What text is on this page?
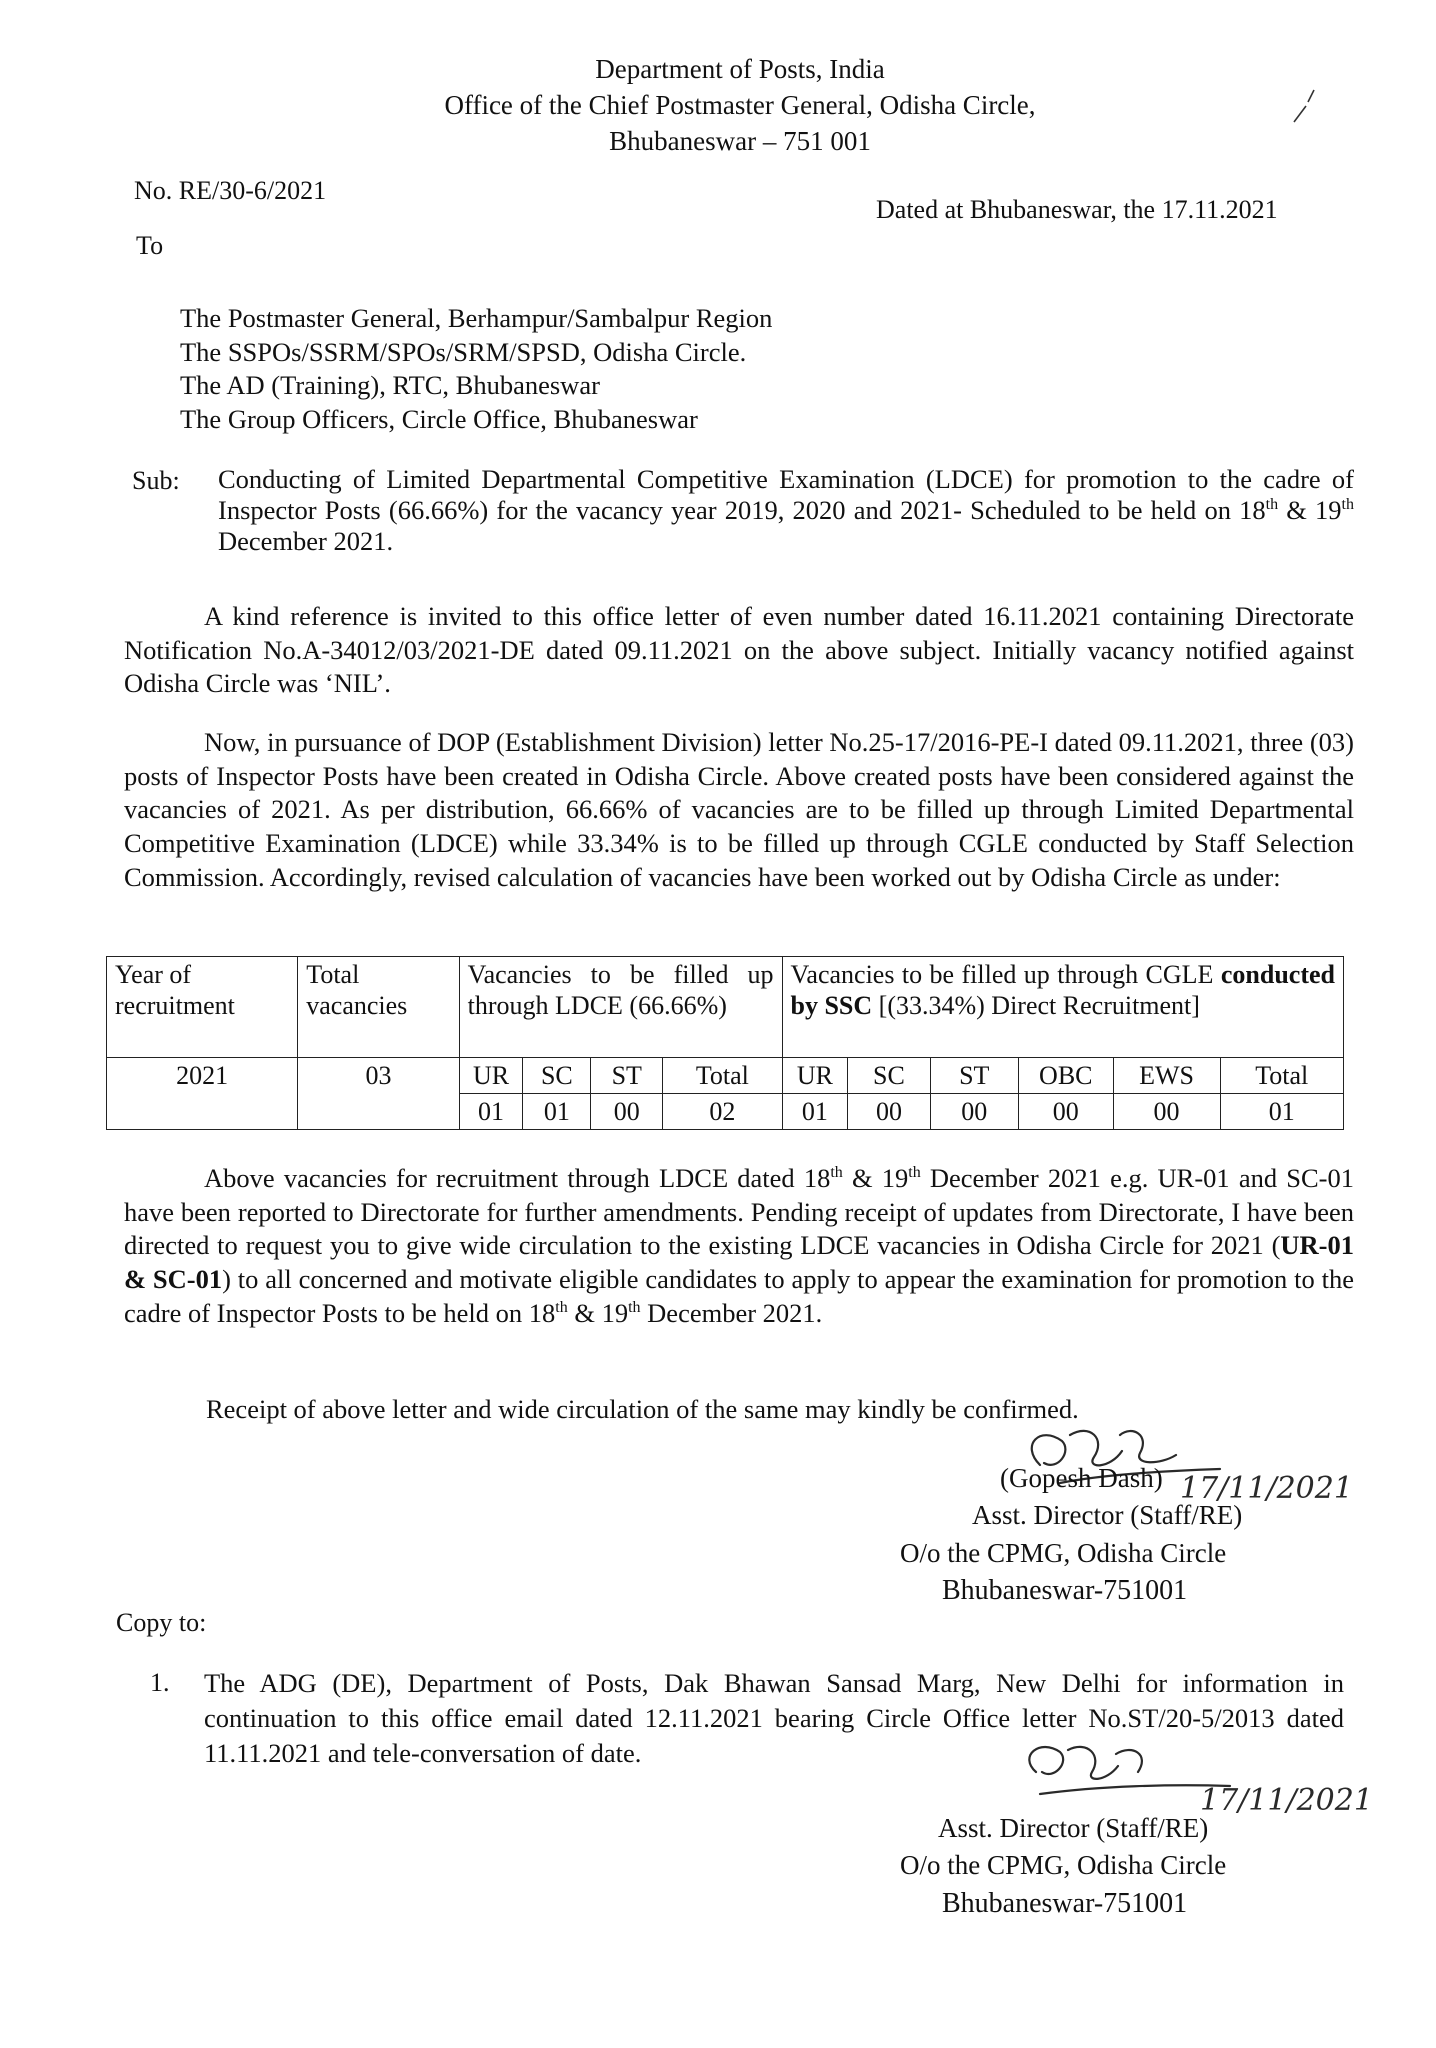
Department of Posts, India
Office of the Chief Postmaster General, Odisha Circle,
Bhubaneswar – 751 001
No. RE/30-6/2021
Dated at Bhubaneswar, the 17.11.2021
To
The Postmaster General, Berhampur/Sambalpur Region
The SSPOs/SSRM/SPOs/SRM/SPSD, Odisha Circle.
The AD (Training), RTC, Bhubaneswar
The Group Officers, Circle Office, Bhubaneswar
Sub: Conducting of Limited Departmental Competitive Examination (LDCE) for promotion to the cadre of Inspector Posts (66.66%) for the vacancy year 2019, 2020 and 2021- Scheduled to be held on 18th & 19th December 2021.
A kind reference is invited to this office letter of even number dated 16.11.2021 containing Directorate Notification No.A-34012/03/2021-DE dated 09.11.2021 on the above subject. Initially vacancy notified against Odisha Circle was ‘NIL’.
Now, in pursuance of DOP (Establishment Division) letter No.25-17/2016-PE-I dated 09.11.2021, three (03) posts of Inspector Posts have been created in Odisha Circle. Above created posts have been considered against the vacancies of 2021. As per distribution, 66.66% of vacancies are to be filled up through Limited Departmental Competitive Examination (LDCE) while 33.34% is to be filled up through CGLE conducted by Staff Selection Commission. Accordingly, revised calculation of vacancies have been worked out by Odisha Circle as under:
Year of recruitment	Total vacancies	Vacancies to be filled up through LDCE (66.66%)				Vacancies to be filled up through CGLE conducted by SSC [(33.34%) Direct Recruitment]					
2021	03	UR	SC	ST	Total	UR	SC	ST	OBC	EWS	Total
		01	01	00	02	01	00	00	00	00	01
Above vacancies for recruitment through LDCE dated 18th & 19th December 2021 e.g. UR-01 and SC-01 have been reported to Directorate for further amendments. Pending receipt of updates from Directorate, I have been directed to request you to give wide circulation to the existing LDCE vacancies in Odisha Circle for 2021 (UR-01 & SC-01) to all concerned and motivate eligible candidates to apply to appear the examination for promotion to the cadre of Inspector Posts to be held on 18th & 19th December 2021.
Receipt of above letter and wide circulation of the same may kindly be confirmed.
17/11/2021
(Gopesh Dash)
Asst. Director (Staff/RE)
O/o the CPMG, Odisha Circle
Bhubaneswar-751001
Copy to:
1. The ADG (DE), Department of Posts, Dak Bhawan Sansad Marg, New Delhi for information in continuation to this office email dated 12.11.2021 bearing Circle Office letter No.ST/20-5/2013 dated 11.11.2021 and tele-conversation of date.
17/11/2021
Asst. Director (Staff/RE)
O/o the CPMG, Odisha Circle
Bhubaneswar-751001
